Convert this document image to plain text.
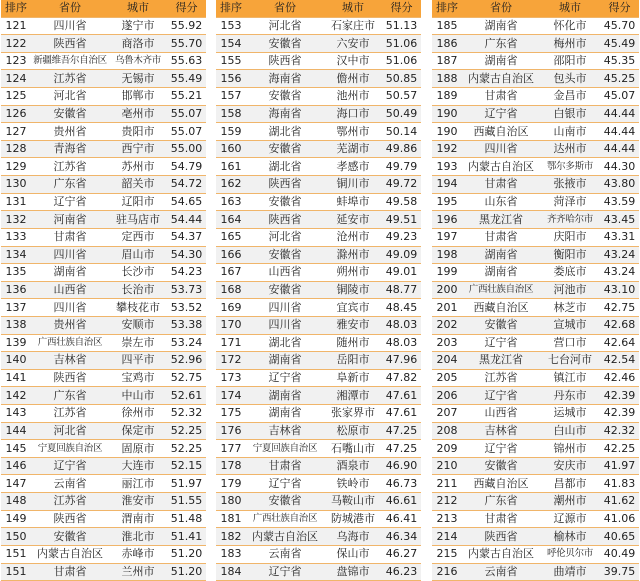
排序	省份	城市	得分
121	四川省	遂宁市	55.92
122	陕西省	商洛市	55.70
123	新疆维吾尔自治区	乌鲁木齐市	55.63
124	江苏省	无锡市	55.49
125	河北省	邯郸市	55.21
126	安徽省	亳州市	55.07
127	贵州省	贵阳市	55.07
128	青海省	西宁市	55.00
129	江苏省	苏州市	54.79
130	广东省	韶关市	54.72
131	辽宁省	辽阳市	54.65
132	河南省	驻马店市	54.44
133	甘肃省	定西市	54.37
134	四川省	眉山市	54.30
135	湖南省	长沙市	54.23
136	山西省	长治市	53.73
137	四川省	攀枝花市	53.52
138	贵州省	安顺市	53.38
139	广西壮族自治区	崇左市	53.24
140	吉林省	四平市	52.96
141	陕西省	宝鸡市	52.75
142	广东省	中山市	52.61
143	江苏省	徐州市	52.32
144	河北省	保定市	52.25
145	宁夏回族自治区	固原市	52.25
146	辽宁省	大连市	52.15
147	云南省	丽江市	51.97
148	江苏省	淮安市	51.55
149	陕西省	渭南市	51.48
150	安徽省	淮北市	51.41
151	内蒙古自治区	赤峰市	51.20
151	甘肃省	兰州市	51.20
排序	省份	城市	得分
153	河北省	石家庄市	51.13
154	安徽省	六安市	51.06
155	陕西省	汉中市	51.06
156	海南省	儋州市	50.85
157	安徽省	池州市	50.57
158	海南省	海口市	50.49
159	湖北省	鄂州市	50.14
160	安徽省	芜湖市	49.86
161	湖北省	孝感市	49.79
162	陕西省	铜川市	49.72
163	安徽省	蚌埠市	49.58
164	陕西省	延安市	49.51
165	河北省	沧州市	49.23
166	安徽省	滁州市	49.09
167	山西省	朔州市	49.01
168	安徽省	铜陵市	48.77
169	四川省	宜宾市	48.45
170	四川省	雅安市	48.03
171	湖北省	随州市	48.03
172	湖南省	岳阳市	47.96
173	辽宁省	阜新市	47.82
174	湖南省	湘潭市	47.61
175	湖南省	张家界市	47.61
176	吉林省	松原市	47.25
177	宁夏回族自治区	石嘴山市	47.25
178	甘肃省	酒泉市	46.90
179	辽宁省	铁岭市	46.73
180	安徽省	马鞍山市	46.61
181	广西壮族自治区	防城港市	46.41
182	内蒙古自治区	乌海市	46.34
183	云南省	保山市	46.27
184	辽宁省	盘锦市	46.23
排序	省份	城市	得分
185	湖南省	怀化市	45.70
186	广东省	梅州市	45.49
187	湖南省	邵阳市	45.35
188	内蒙古自治区	包头市	45.25
189	甘肃省	金昌市	45.07
190	辽宁省	白银市	44.44
190	西藏自治区	山南市	44.44
192	四川省	达州市	44.44
193	内蒙古自治区	鄂尔多斯市	44.30
194	甘肃省	张掖市	43.80
195	山东省	菏泽市	43.59
196	黑龙江省	齐齐哈尔市	43.45
197	甘肃省	庆阳市	43.31
198	湖南省	衡阳市	43.24
199	湖南省	娄底市	43.24
200	广西壮族自治区	河池市	43.10
201	西藏自治区	林芝市	42.75
202	安徽省	宣城市	42.68
203	辽宁省	营口市	42.64
204	黑龙江省	七台河市	42.54
205	江苏省	镇江市	42.46
206	辽宁省	丹东市	42.39
207	山西省	运城市	42.39
208	吉林省	白山市	42.32
209	辽宁省	锦州市	42.25
210	安徽省	安庆市	41.97
211	西藏自治区	昌都市	41.83
212	广东省	潮州市	41.62
213	甘肃省	辽源市	41.06
214	陕西省	榆林市	40.65
215	内蒙古自治区	呼伦贝尔市	40.49
216	云南省	曲靖市	39.75
